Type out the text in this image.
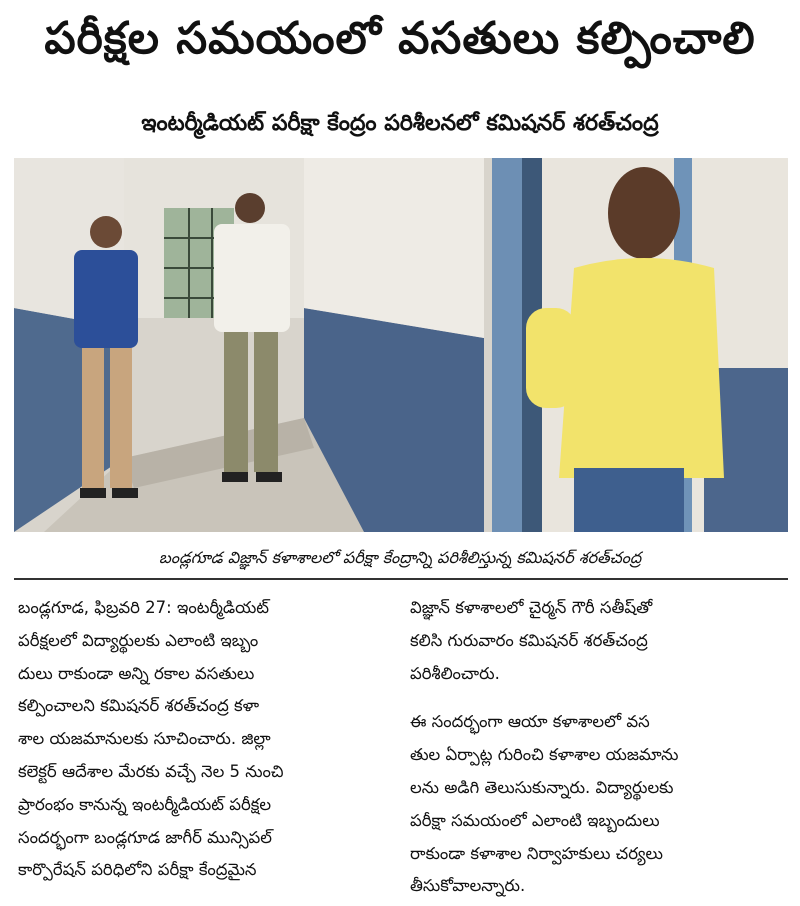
పరీక్షల సమయంలో వసతులు కల్పించాలి
ఇంటర్మీడియట్ పరీక్షా కేంద్రం పరిశీలనలో కమిషనర్ శరత్‌చంద్ర
బండ్లగూడ విజ్ఞాన్ కళాశాలలో పరీక్షా కేంద్రాన్ని పరిశీలిస్తున్న కమిషనర్ శరత్‌చంద్ర
బండ్లగూడ, ఫిబ్రవరి 27: ఇంటర్మీడియట్
పరీక్షలలో విద్యార్థులకు ఎలాంటి ఇబ్బం
దులు రాకుండా అన్ని రకాల వసతులు
కల్పించాలని కమిషనర్ శరత్‌చంద్ర కళా
శాల యజమానులకు సూచించారు. జిల్లా
కలెక్టర్ ఆదేశాల మేరకు వచ్చే నెల 5 నుంచి
ప్రారంభం కానున్న ఇంటర్మీడియట్ పరీక్షల
సందర్భంగా బండ్లగూడ జాగీర్ మున్సిపల్
కార్పొరేషన్ పరిధిలోని పరీక్షా కేంద్రమైన
విజ్ఞాన్ కళాశాలలో చైర్మన్ గౌరీ సతీష్‌తో
కలిసి గురువారం కమిషనర్ శరత్‌చంద్ర
పరిశీలించారు.
ఈ సందర్భంగా ఆయా కళాశాలలో వస
తుల ఏర్పాట్ల గురించి కళాశాల యజమాను
లను అడిగి తెలుసుకున్నారు. విద్యార్థులకు
పరీక్షా సమయంలో ఎలాంటి ఇబ్బందులు
రాకుండా కళాశాల నిర్వాహకులు చర్యలు
తీసుకోవాలన్నారు.
